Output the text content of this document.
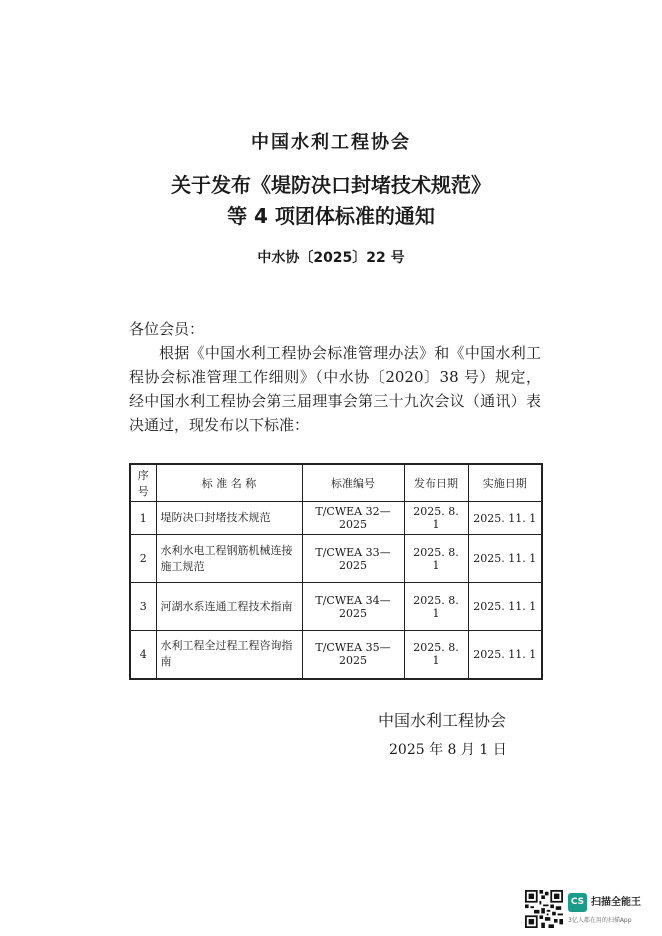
中国水利工程协会
关于发布《堤防决口封堵技术规范》
等 4 项团体标准的通知
中水协〔2025〕22 号
各位会员：
根据《中国水利工程协会标准管理办法》和《中国水利工程协会标准管理工作细则》（中水协〔2020〕38 号）规定，经中国水利工程协会第三届理事会第三十九次会议（通讯）表决通过，现发布以下标准：
序号	标 准 名 称	标准编号	发布日期	实施日期
1	堤防决口封堵技术规范	T/CWEA 32—2025	2025. 8. 1	2025. 11. 1
2	水利水电工程钢筋机械连接施工规范	T/CWEA 33—2025	2025. 8. 1	2025. 11. 1
3	河湖水系连通工程技术指南	T/CWEA 34—2025	2025. 8. 1	2025. 11. 1
4	水利工程全过程工程咨询指南	T/CWEA 35—2025	2025. 8. 1	2025. 11. 1
中国水利工程协会
2025 年 8 月 1 日
CS 扫描全能王
3亿人都在用的扫描App
